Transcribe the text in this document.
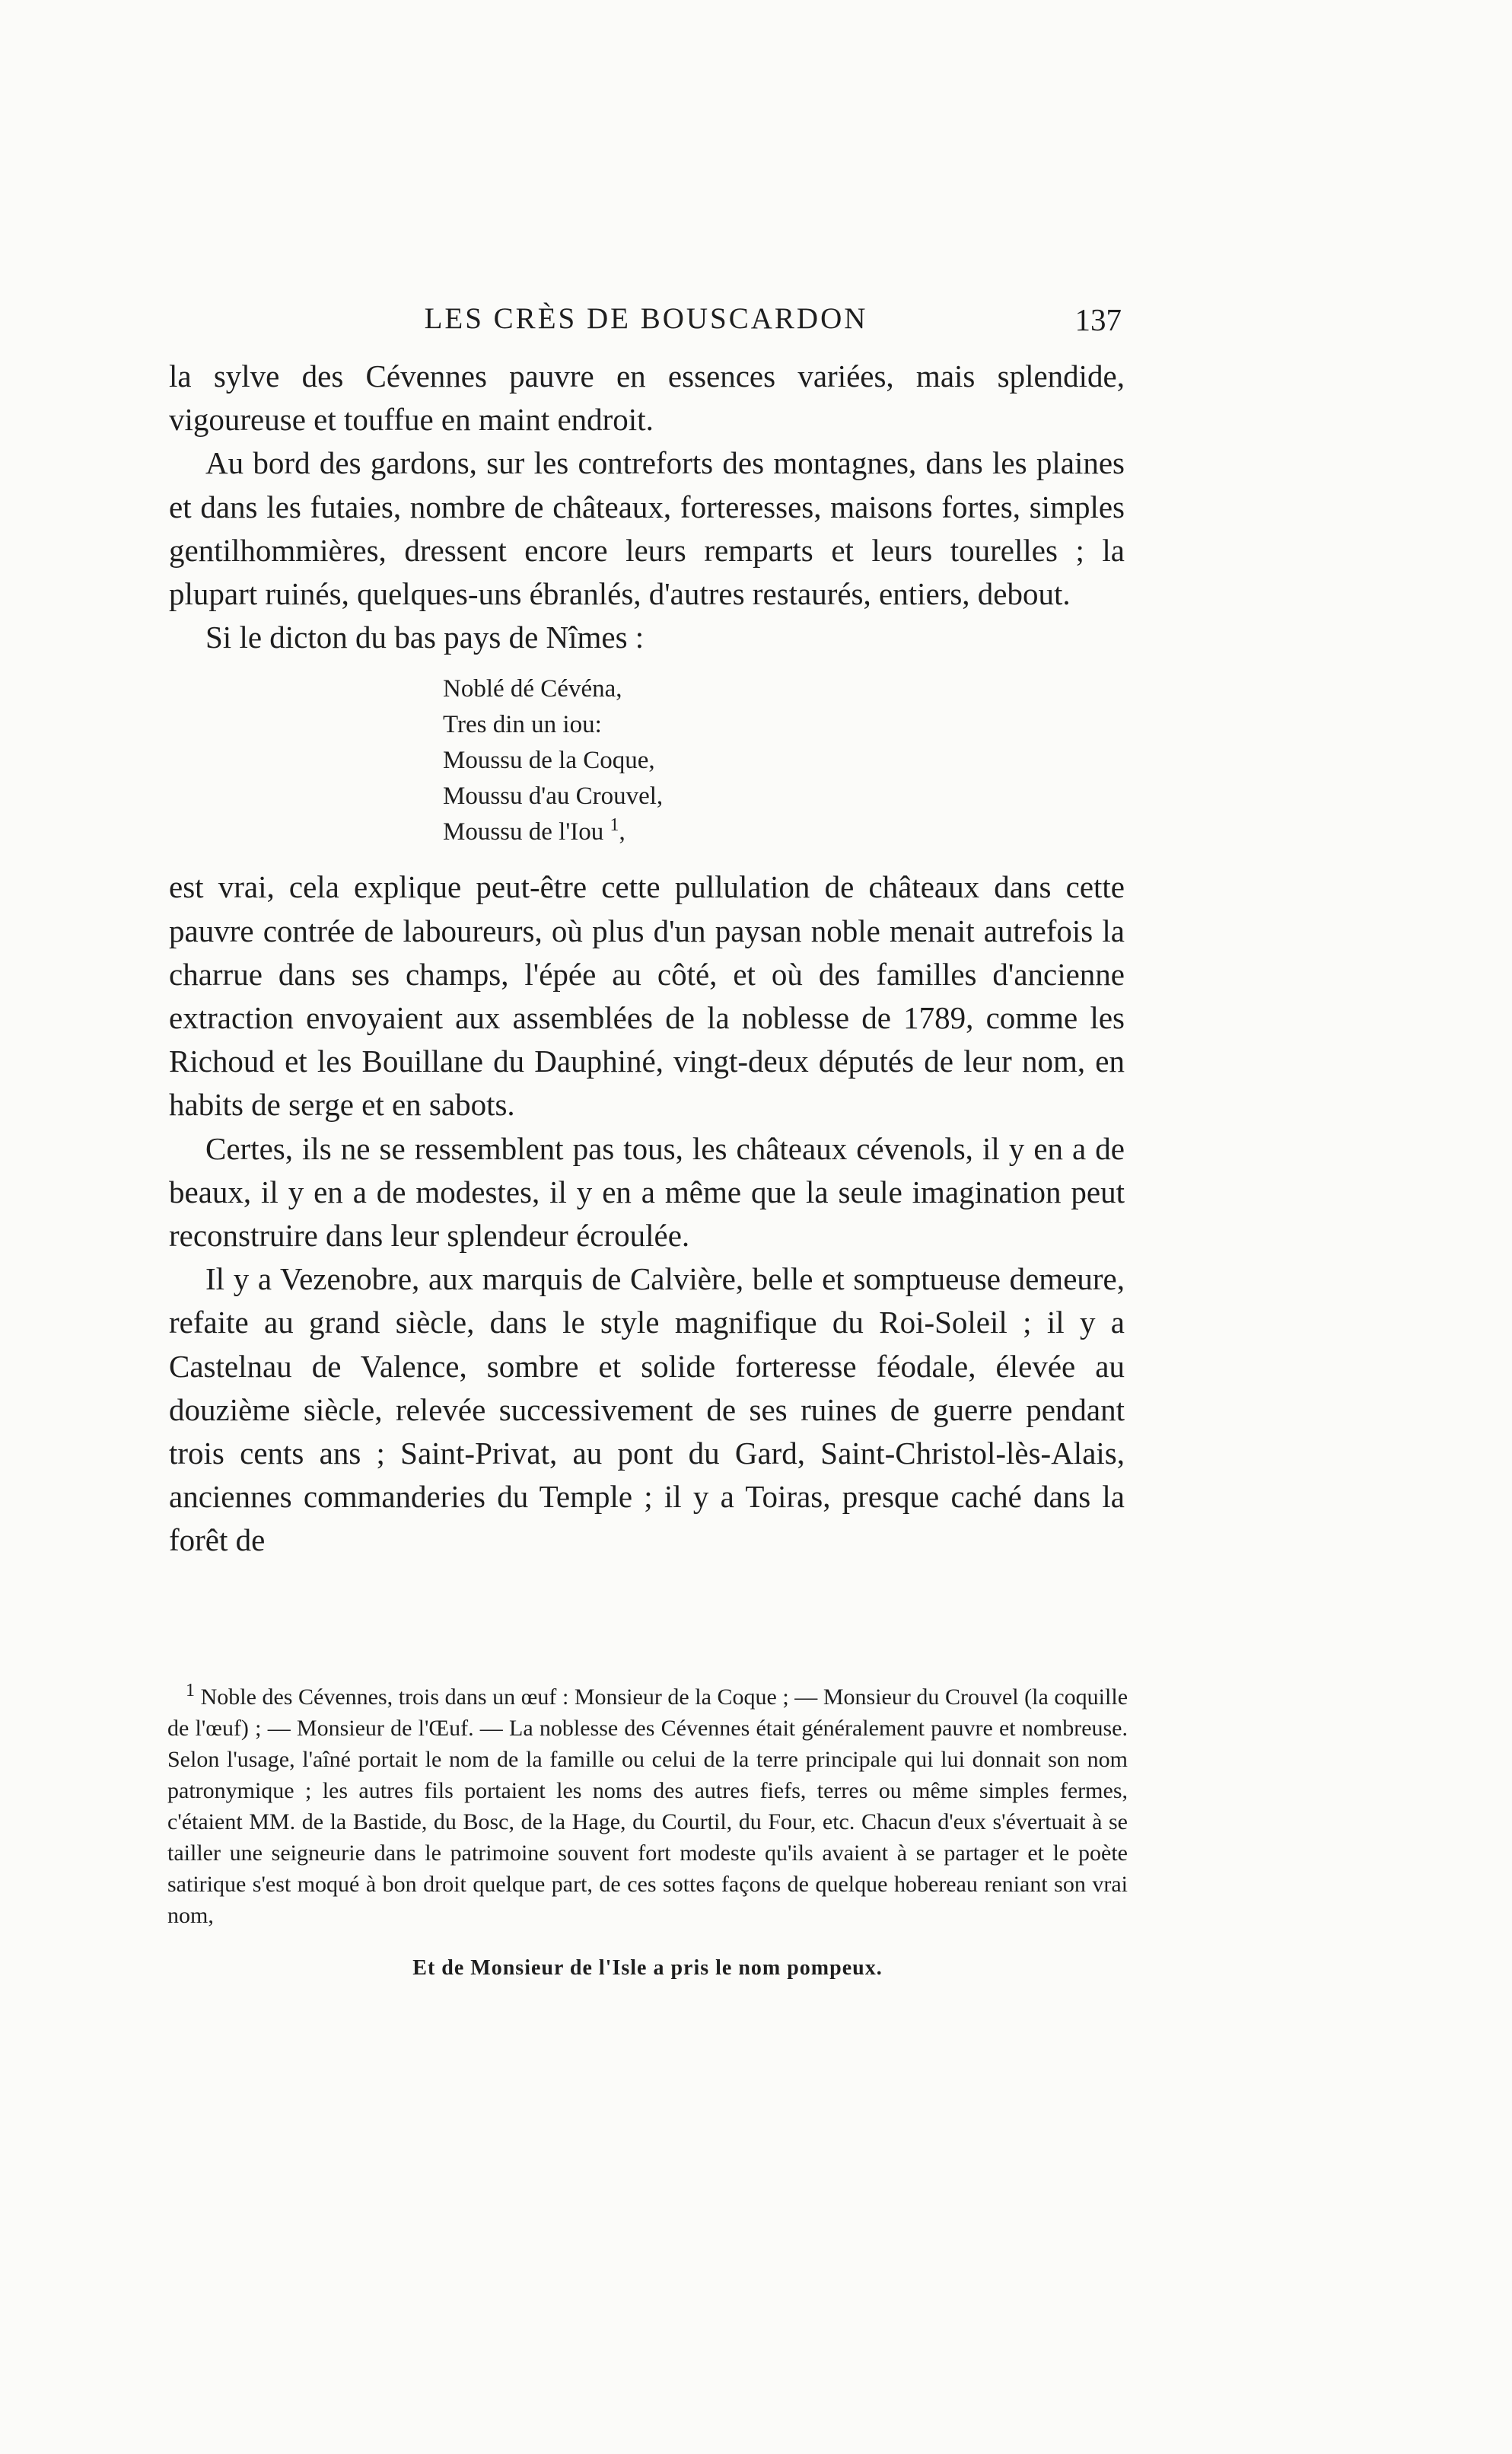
LES CRÈS DE BOUSCARDON	137

la sylve des Cévennes pauvre en essences variées, mais splendide, vigoureuse et touffue en maint endroit.

Au bord des gardons, sur les contreforts des montagnes, dans les plaines et dans les futaies, nombre de châteaux, forteresses, maisons fortes, simples gentilhommières, dressent encore leurs remparts et leurs tourelles ; la plupart ruinés, quelques-uns ébranlés, d'autres restaurés, entiers, debout.

Si le dicton du bas pays de Nîmes :

Noblé dé Cévéna,
Tres din un iou:
Moussu de la Coque,
Moussu d'au Crouvel,
Moussu de l'Iou $^1$,

est vrai, cela explique peut-être cette pullulation de châteaux dans cette pauvre contrée de laboureurs, où plus d'un paysan noble menait autrefois la charrue dans ses champs, l'épée au côté, et où des familles d'ancienne extraction envoyaient aux assemblées de la noblesse de 1789, comme les Richoud et les Bouillane du Dauphiné, vingt-deux députés de leur nom, en habits de serge et en sabots.

Certes, ils ne se ressemblent pas tous, les châteaux cévenols, il y en a de beaux, il y en a de modestes, il y en a même que la seule imagination peut reconstruire dans leur splendeur écroulée.

Il y a Vezenobre, aux marquis de Calvière, belle et somptueuse demeure, refaite au grand siècle, dans le style magnifique du Roi-Soleil ; il y a Castelnau de Valence, sombre et solide forteresse féodale, élevée au douzième siècle, relevée successivement de ses ruines de guerre pendant trois cents ans ; Saint-Privat, au pont du Gard, Saint-Christol-lès-Alais, anciennes commanderies du Temple ; il y a Toiras, presque caché dans la forêt de

$^1$ Noble des Cévennes, trois dans un œuf : Monsieur de la Coque ; — Monsieur du Crouvel (la coquille de l'œuf) ; — Monsieur de l'Œuf. — La noblesse des Cévennes était généralement pauvre et nombreuse. Selon l'usage, l'aîné portait le nom de la famille ou celui de la terre principale qui lui donnait son nom patronymique ; les autres fils portaient les noms des autres fiefs, terres ou même simples fermes, c'étaient MM. de la Bastide, du Bosc, de la Hage, du Courtil, du Four, etc. Chacun d'eux s'évertuait à se tailler une seigneurie dans le patrimoine souvent fort modeste qu'ils avaient à se partager et le poète satirique s'est moqué à bon droit quelque part, de ces sottes façons de quelque hobereau reniant son vrai nom,

Et de Monsieur de l'Isle a pris le nom pompeux.
